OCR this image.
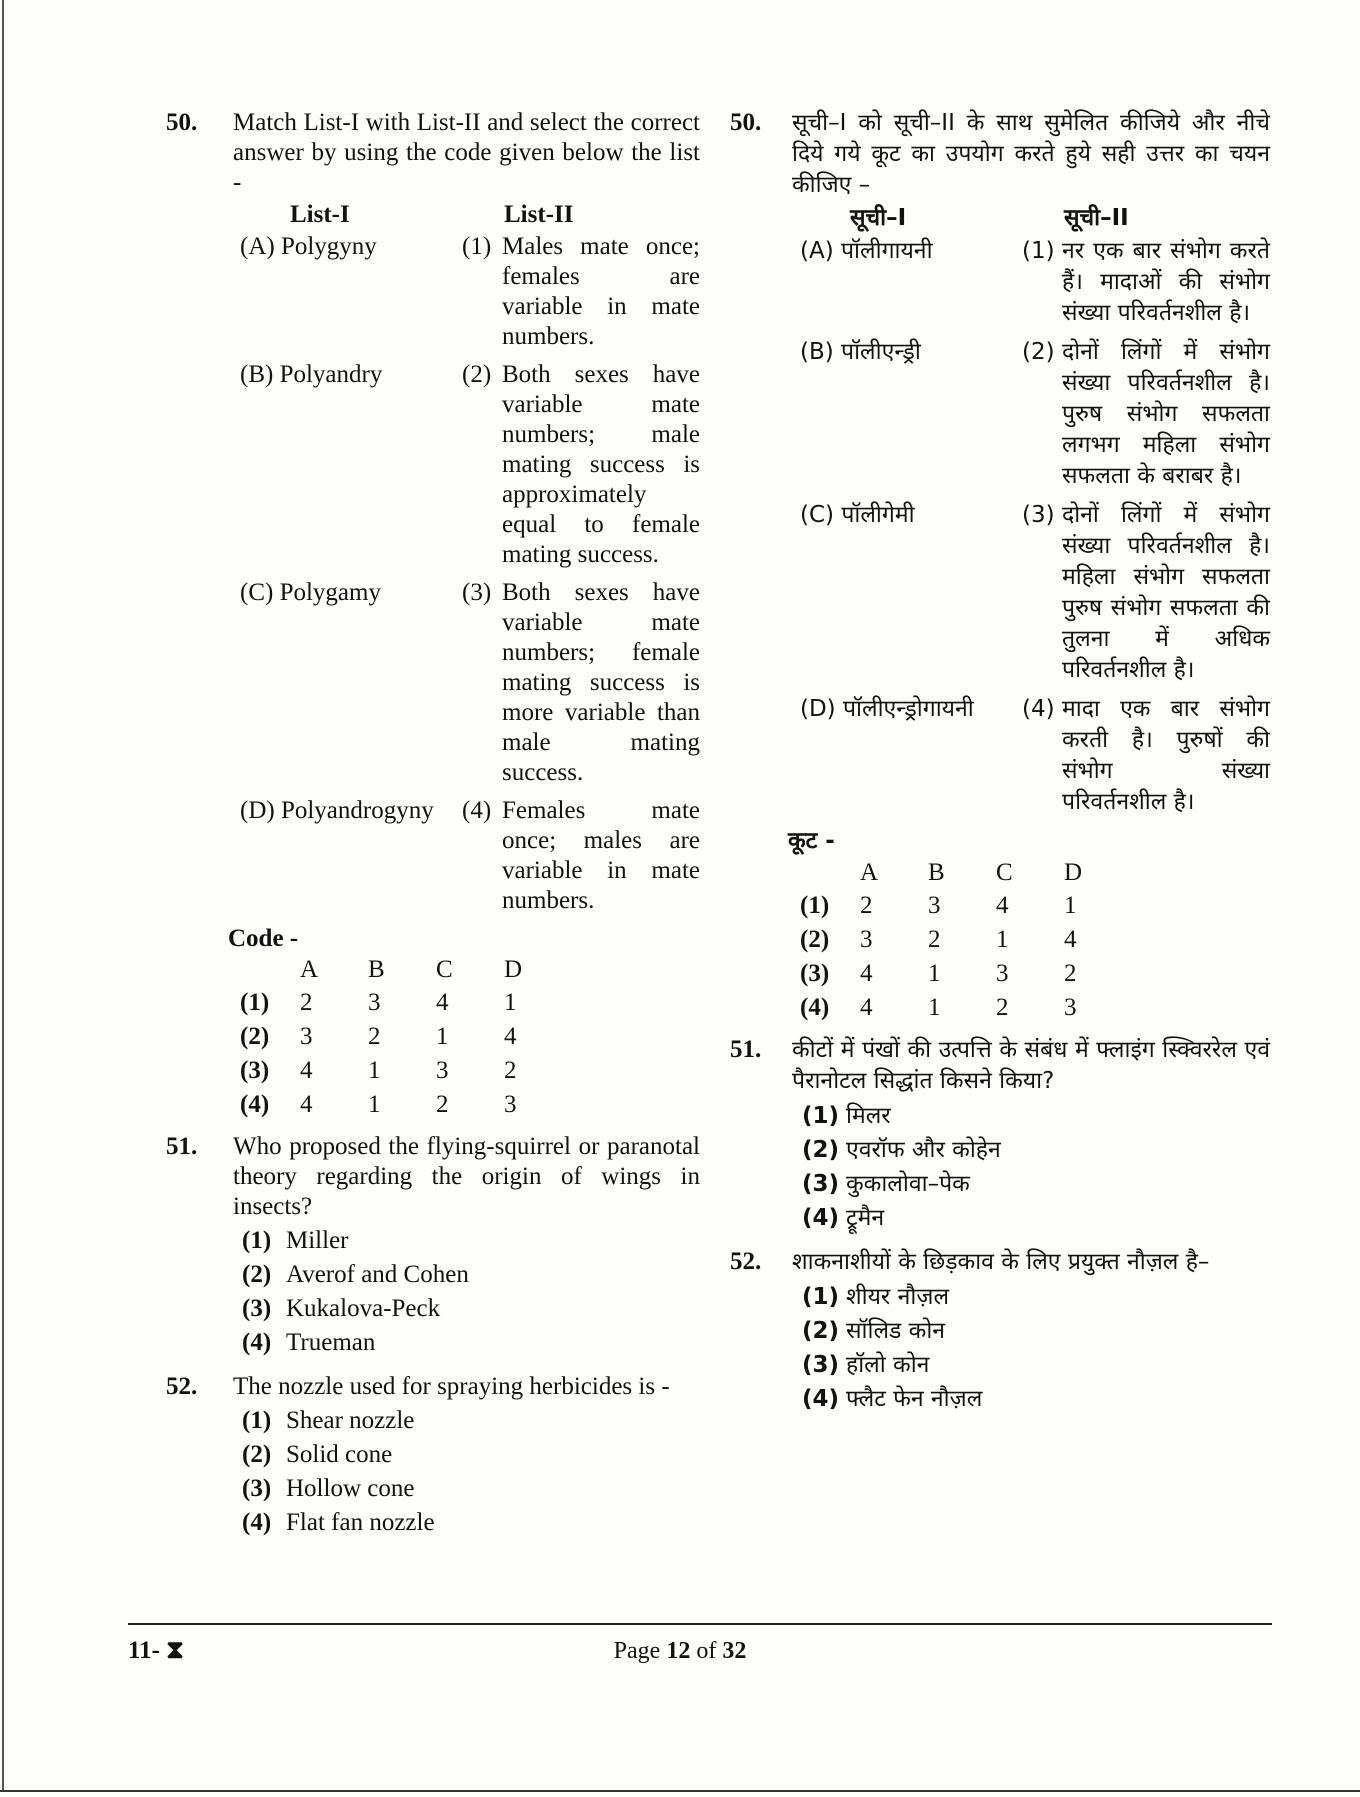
50. Match List-I with List-II and select the correct answer by using the code given below the list -
List-I	List-II
(A) Polygyny	(1) Males mate once; females are variable in mate numbers.
(B) Polyandry	(2) Both sexes have variable mate numbers; male mating success is approximately equal to female mating success.
(C) Polygamy	(3) Both sexes have variable mate numbers; female mating success is more variable than male mating success.
(D) Polyandrogyny	(4) Females mate once; males are variable in mate numbers.
Code -
	A	B	C	D
(1)	2	3	4	1
(2)	3	2	1	4
(3)	4	1	3	2
(4)	4	1	2	3
51. Who proposed the flying-squirrel or paranotal theory regarding the origin of wings in insects?
(1) Miller
(2) Averof and Cohen
(3) Kukalova-Peck
(4) Trueman
52. The nozzle used for spraying herbicides is -
(1) Shear nozzle
(2) Solid cone
(3) Hollow cone
(4) Flat fan nozzle
50. सूची–I को सूची–II के साथ सुमेलित कीजिये और नीचे दिये गये कूट का उपयोग करते हुये सही उत्तर का चयन कीजिए –
सूची–I	सूची–II
(A) पॉलीगायनी	(1) नर एक बार संभोग करते हैं। मादाओं की संभोग संख्या परिवर्तनशील है।
(B) पॉलीएन्ड्री	(2) दोनों लिंगों में संभोग संख्या परिवर्तनशील है। पुरुष संभोग सफलता लगभग महिला संभोग सफलता के बराबर है।
(C) पॉलीगेमी	(3) दोनों लिंगों में संभोग संख्या परिवर्तनशील है। महिला संभोग सफलता पुरुष संभोग सफलता की तुलना में अधिक परिवर्तनशील है।
(D) पॉलीएन्ड्रोगायनी	(4) मादा एक बार संभोग करती है। पुरुषों की संभोग संख्या परिवर्तनशील है।
कूट -
	A	B	C	D
(1)	2	3	4	1
(2)	3	2	1	4
(3)	4	1	3	2
(4)	4	1	2	3
51. कीटों में पंखों की उत्पत्ति के संबंध में फ्लाइंग स्क्विररेल एवं पैरानोटल सिद्धांत किसने किया?
(1) मिलर
(2) एवरॉफ और कोहेन
(3) कुकालोवा–पेक
(4) ट्रूमैन
52. शाकनाशीयों के छिड़काव के लिए प्रयुक्त नौज़ल है–
(1) शीयर नौज़ल
(2) सॉलिड कोन
(3) हॉलो कोन
(4) फ्लैट फेन नौज़ल
11- ⧗	Page 12 of 32
